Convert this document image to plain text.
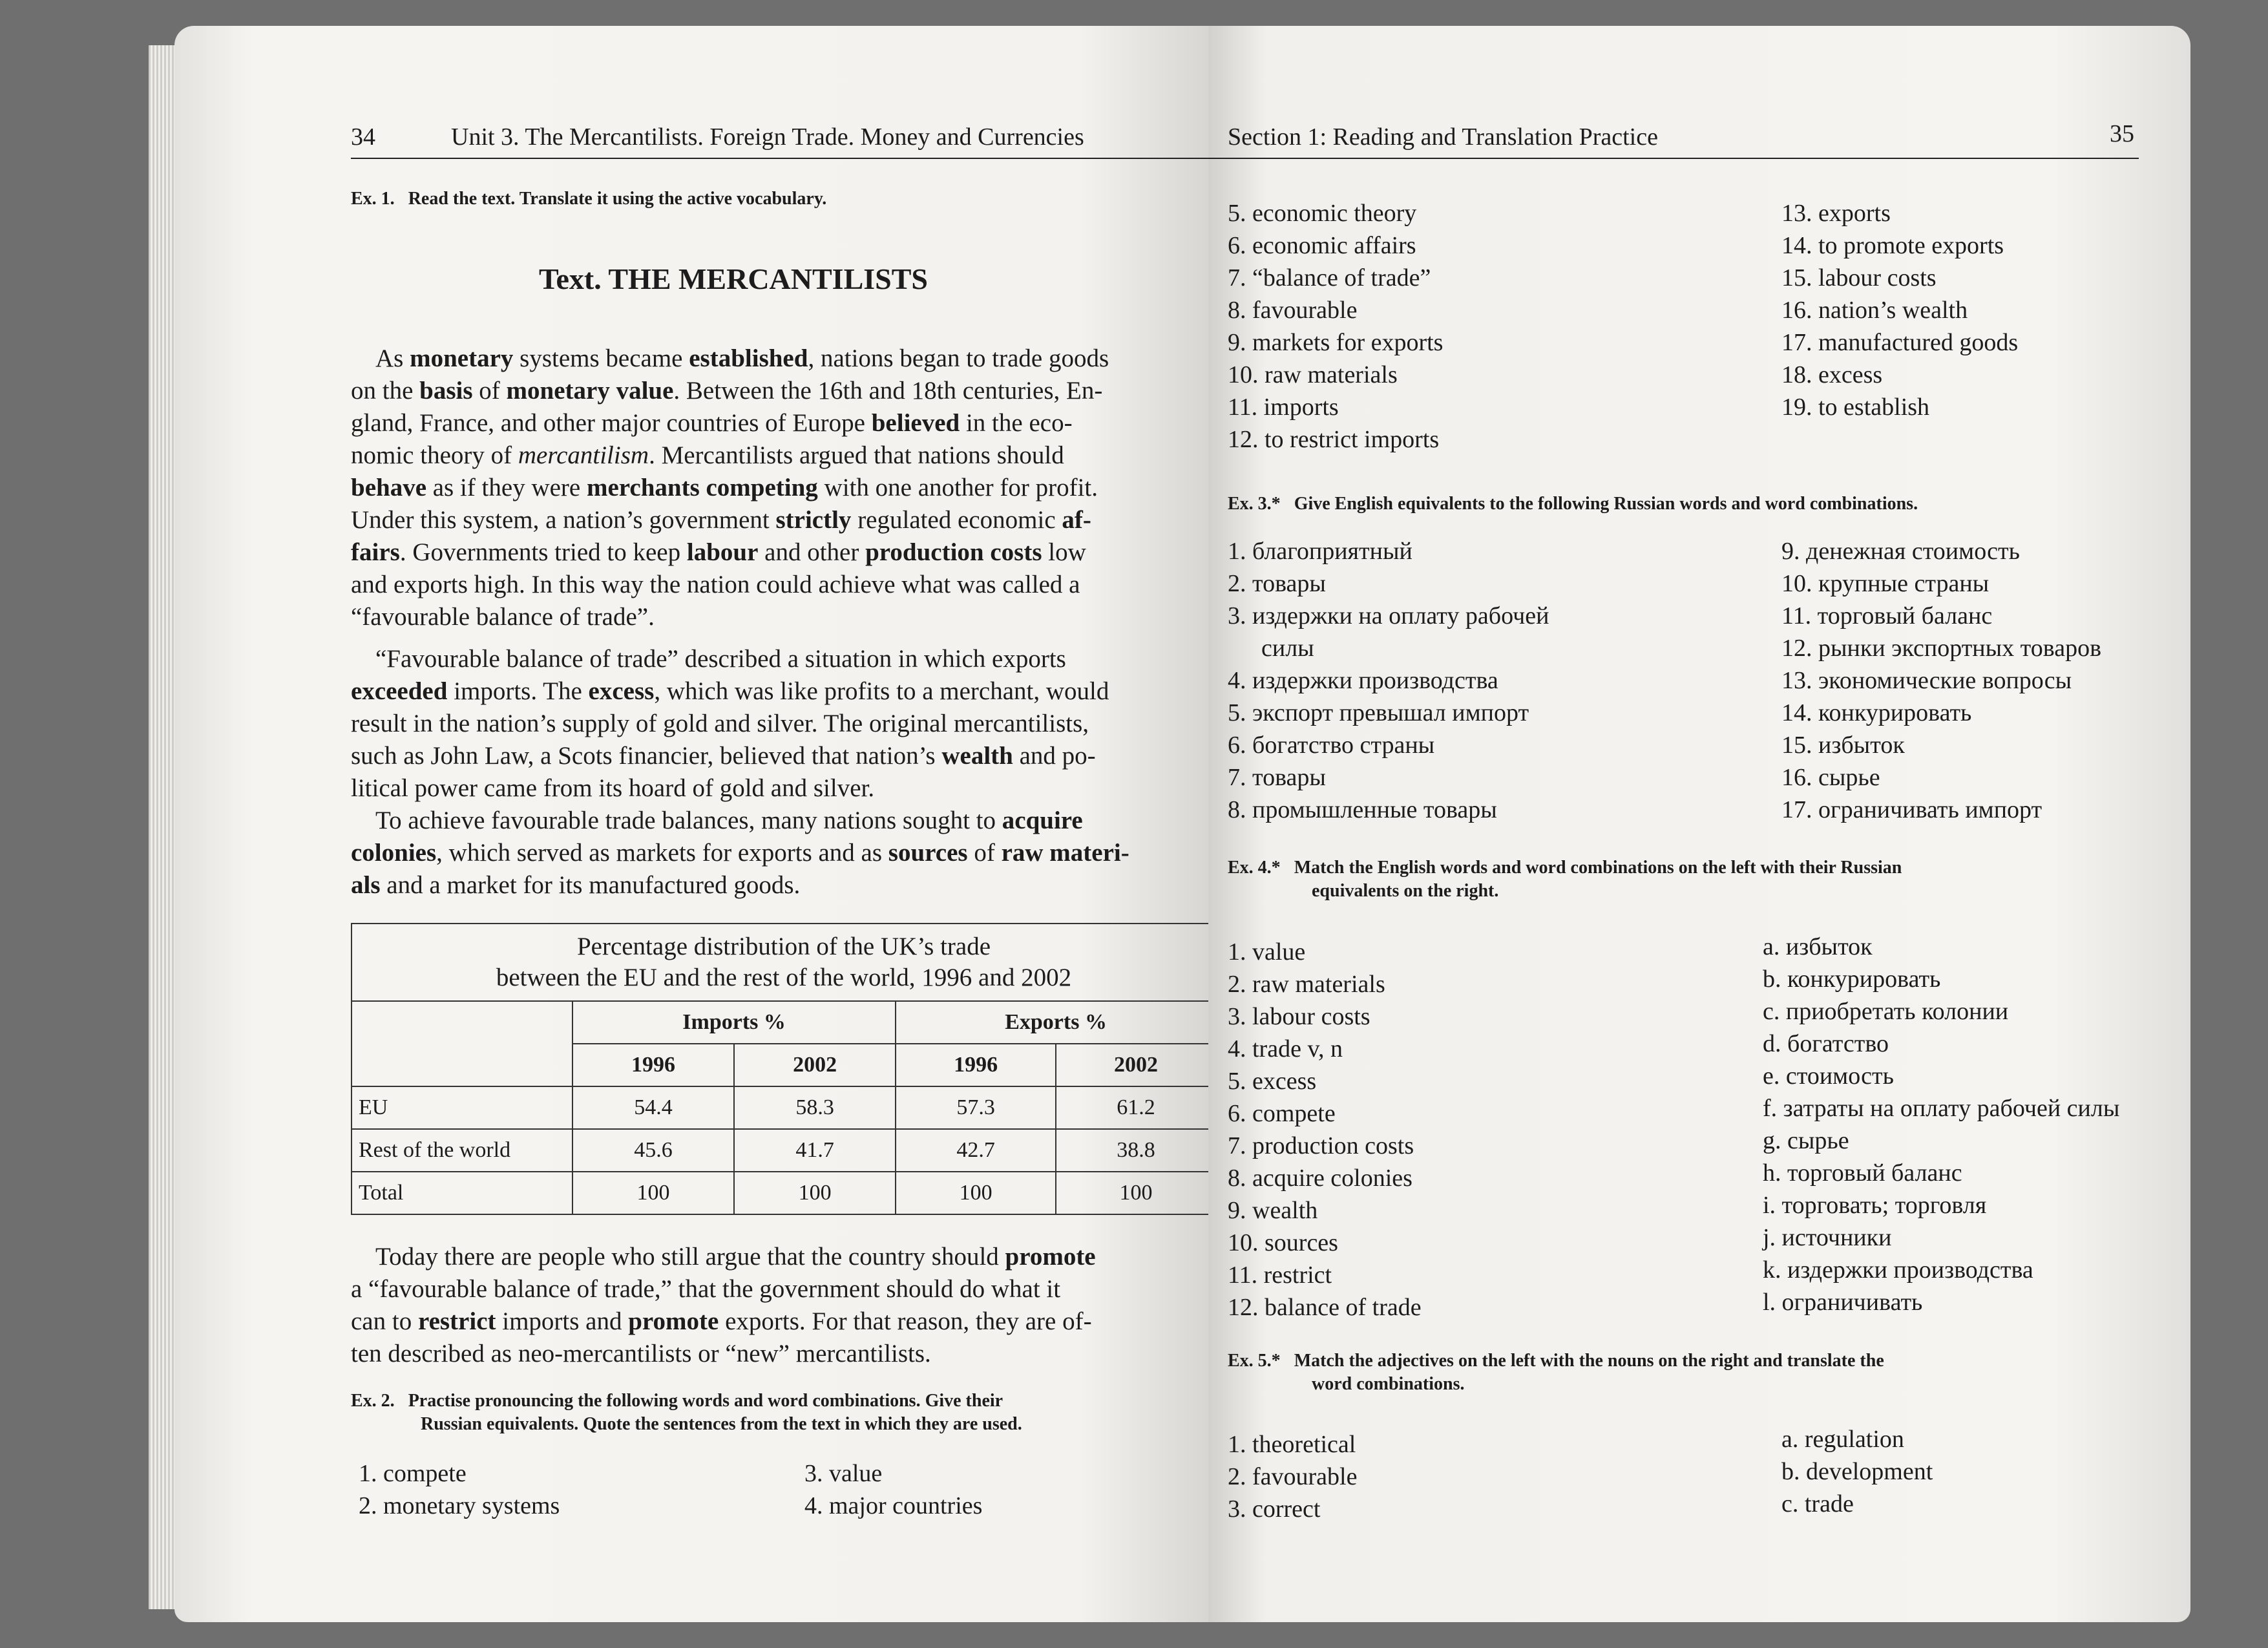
34	Unit 3. The Mercantilists. Foreign Trade. Money and Currencies
Ex. 1. Read the text. Translate it using the active vocabulary.
Text. THE MERCANTILISTS
As monetary systems became established, nations began to trade goods
on the basis of monetary value. Between the 16th and 18th centuries, En-
gland, France, and other major countries of Europe believed in the eco-
nomic theory of mercantilism. Mercantilists argued that nations should
behave as if they were merchants competing with one another for profit.
Under this system, a nation’s government strictly regulated economic af-
fairs. Governments tried to keep labour and other production costs low
and exports high. In this way the nation could achieve what was called a
“favourable balance of trade”.
“Favourable balance of trade” described a situation in which exports
exceeded imports. The excess, which was like profits to a merchant, would
result in the nation’s supply of gold and silver. The original mercantilists,
such as John Law, a Scots financier, believed that nation’s wealth and po-
litical power came from its hoard of gold and silver.
To achieve favourable trade balances, many nations sought to acquire
colonies, which served as markets for exports and as sources of raw materi-
als and a market for its manufactured goods.
Percentage distribution of the UK’s trade
between the EU and the rest of the world, 1996 and 2002				

	Imports %		Exports %	
	1996	2002	1996	2002
EU	54.4	58.3	57.3	61.2
Rest of the world	45.6	41.7	42.7	38.8
Total	100	100	100	100
Today there are people who still argue that the country should promote
a “favourable balance of trade,” that the government should do what it
can to restrict imports and promote exports. For that reason, they are of-
ten described as neo-mercantilists or “new” mercantilists.
Ex. 2. Practise pronouncing the following words and word combinations. Give their
Russian equivalents. Quote the sentences from the text in which they are used.
1. compete
2. monetary systems
3. value
4. major countries
Section 1: Reading and Translation Practice	35
5. economic theory
6. economic affairs
7. “balance of trade”
8. favourable
9. markets for exports
10. raw materials
11. imports
12. to restrict imports
13. exports
14. to promote exports
15. labour costs
16. nation’s wealth
17. manufactured goods
18. excess
19. to establish
Ex. 3.* Give English equivalents to the following Russian words and word combinations.
1. благоприятный
2. товары
3. издержки на оплату рабочей
силы
4. издержки производства
5. экспорт превышал импорт
6. богатство страны
7. товары
8. промышленные товары
9. денежная стоимость
10. крупные страны
11. торговый баланс
12. рынки экспортных товаров
13. экономические вопросы
14. конкурировать
15. избыток
16. сырье
17. ограничивать импорт
Ex. 4.* Match the English words and word combinations on the left with their Russian
equivalents on the right.
1. value
2. raw materials
3. labour costs
4. trade v, n
5. excess
6. compete
7. production costs
8. acquire colonies
9. wealth
10. sources
11. restrict
12. balance of trade
a. избыток
b. конкурировать
c. приобретать колонии
d. богатство
e. стоимость
f. затраты на оплату рабочей силы
g. сырье
h. торговый баланс
i. торговать; торговля
j. источники
k. издержки производства
l. ограничивать
Ex. 5.* Match the adjectives on the left with the nouns on the right and translate the
word combinations.
1. theoretical
2. favourable
3. correct
a. regulation
b. development
c. trade
